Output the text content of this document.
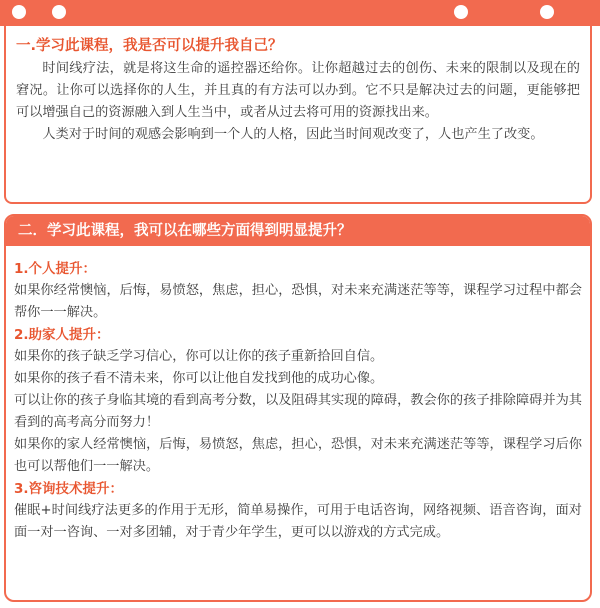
一.学习此课程，我是否可以提升我自己？

时间线疗法，就是将这生命的遥控器还给你。让你超越过去的创伤、未来的限制以及现在的窘况。让你可以选择你的人生，并且真的有方法可以办到。它不只是解决过去的问题，更能够把可以增强自己的资源融入到人生当中，或者从过去将可用的资源找出来。

人类对于时间的观感会影响到一个人的人格，因此当时间观改变了，人也产生了改变。

二．学习此课程，我可以在哪些方面得到明显提升？

1.个人提升：

如果你经常懊恼，后悔，易愤怒，焦虑，担心，恐惧，对未来充满迷茫等等，课程学习过程中都会帮你一一解决。

2.助家人提升：

如果你的孩子缺乏学习信心，你可以让你的孩子重新拾回自信。

如果你的孩子看不清未来，你可以让他自发找到他的成功心像。

可以让你的孩子身临其境的看到高考分数，以及阻碍其实现的障碍，教会你的孩子排除障碍并为其看到的高考高分而努力！

如果你的家人经常懊恼，后悔，易愤怒，焦虑，担心，恐惧，对未来充满迷茫等等，课程学习后你也可以帮他们一一解决。

3.咨询技术提升：

催眠+时间线疗法更多的作用于无形，简单易操作，可用于电话咨询，网络视频、语音咨询，面对面一对一咨询、一对多团辅，对于青少年学生，更可以以游戏的方式完成。
